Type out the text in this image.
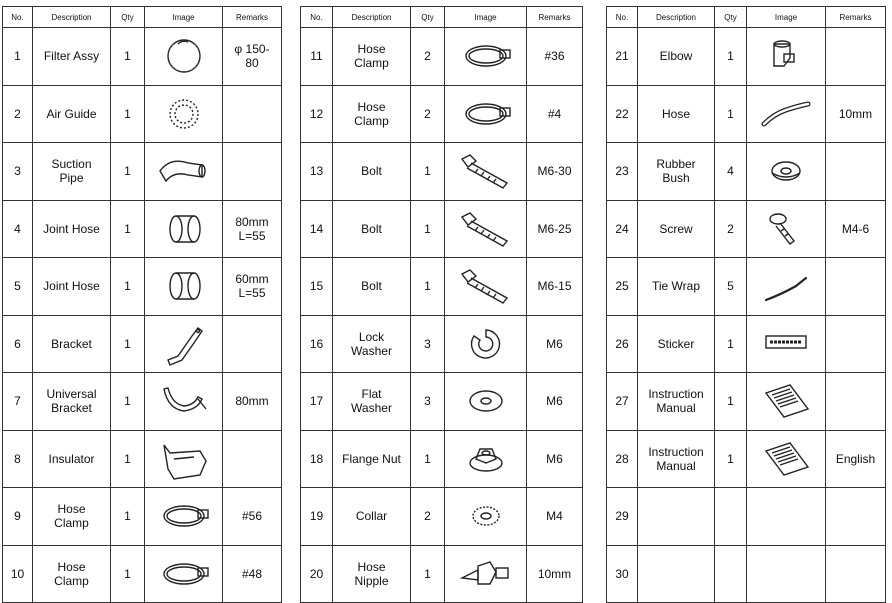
No.	Description	Qty	Image	Remarks
1	Filter Assy	1		φ 150-
80
2	Air Guide	1	

3	Suction
Pipe	1	

4	Joint Hose	1		80mm
L=55
5	Joint Hose	1		60mm
L=55
6	Bracket	1	

7	Universal
Bracket	1		80mm
8	Insulator	1	

9	Hose
Clamp	1		#56
10	Hose
Clamp	1		#48
No.	Description	Qty	Image	Remarks
11	Hose
Clamp	2		#36
12	Hose
Clamp	2		#4
13	Bolt	1		M6-30
14	Bolt	1		M6-25
15	Bolt	1		M6-15
16	Lock
Washer	3		M6
17	Flat
Washer	3		M6
18	Flange Nut	1		M6
19	Collar	2		M4
20	Hose
Nipple	1		10mm
No.	Description	Qty	Image	Remarks
21	Elbow	1	

22	Hose	1		10mm
23	Rubber
Bush	4	

24	Screw	2		M4-6
25	Tie Wrap	5	

26	Sticker	1	

27	Instruction
Manual	1	

28	Instruction
Manual	1		English
29				
30				
